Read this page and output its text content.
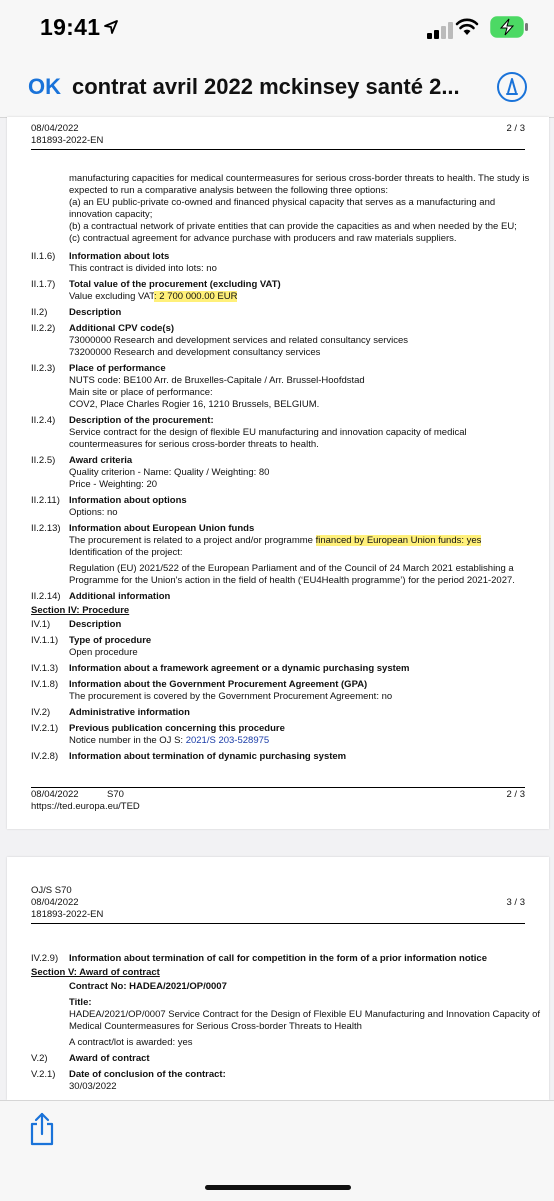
19:41
OK contrat avril 2022 mckinsey santé 2...
08/04/2022	2 / 3
181893-2022-EN
manufacturing capacities for medical countermeasures for serious cross-border threats to health. The study is
expected to run a comparative analysis between the following three options:
(a) an EU public-private co-owned and financed physical capacity that serves as a manufacturing and
innovation capacity;
(b) a contractual network of private entities that can provide the capacities as and when needed by the EU;
(c) contractual agreement for advance purchase with producers and raw materials suppliers.
II.1.6) Information about lots
This contract is divided into lots: no
II.1.7) Total value of the procurement (excluding VAT)
Value excluding VAT: 2 700 000.00 EUR
II.2) Description
II.2.2) Additional CPV code(s)
73000000 Research and development services and related consultancy services
73200000 Research and development consultancy services
II.2.3) Place of performance
NUTS code: BE100 Arr. de Bruxelles-Capitale / Arr. Brussel-Hoofdstad
Main site or place of performance:
COV2, Place Charles Rogier 16, 1210 Brussels, BELGIUM.
II.2.4) Description of the procurement:
Service contract for the design of flexible EU manufacturing and innovation capacity of medical
countermeasures for serious cross-border threats to health.
II.2.5) Award criteria
Quality criterion - Name: Quality / Weighting: 80
Price - Weighting: 20
II.2.11) Information about options
Options: no
II.2.13) Information about European Union funds
The procurement is related to a project and/or programme financed by European Union funds: yes
Identification of the project:
Regulation (EU) 2021/522 of the European Parliament and of the Council of 24 March 2021 establishing a
Programme for the Union's action in the field of health (‘EU4Health programme’) for the period 2021-2027.
II.2.14) Additional information
Section IV: Procedure
IV.1) Description
IV.1.1) Type of procedure
Open procedure
IV.1.3) Information about a framework agreement or a dynamic purchasing system
IV.1.8) Information about the Government Procurement Agreement (GPA)
The procurement is covered by the Government Procurement Agreement: no
IV.2) Administrative information
IV.2.1) Previous publication concerning this procedure
Notice number in the OJ S: 2021/S 203-528975
IV.2.8) Information about termination of dynamic purchasing system
08/04/2022	S70	2 / 3
https://ted.europa.eu/TED
OJ/S S70
08/04/2022	3 / 3
181893-2022-EN
IV.2.9) Information about termination of call for competition in the form of a prior information notice
Section V: Award of contract
Contract No: HADEA/2021/OP/0007
Title:
HADEA/2021/OP/0007 Service Contract for the Design of Flexible EU Manufacturing and Innovation Capacity of
Medical Countermeasures for Serious Cross-border Threats to Health
A contract/lot is awarded: yes
V.2) Award of contract
V.2.1) Date of conclusion of the contract:
30/03/2022
